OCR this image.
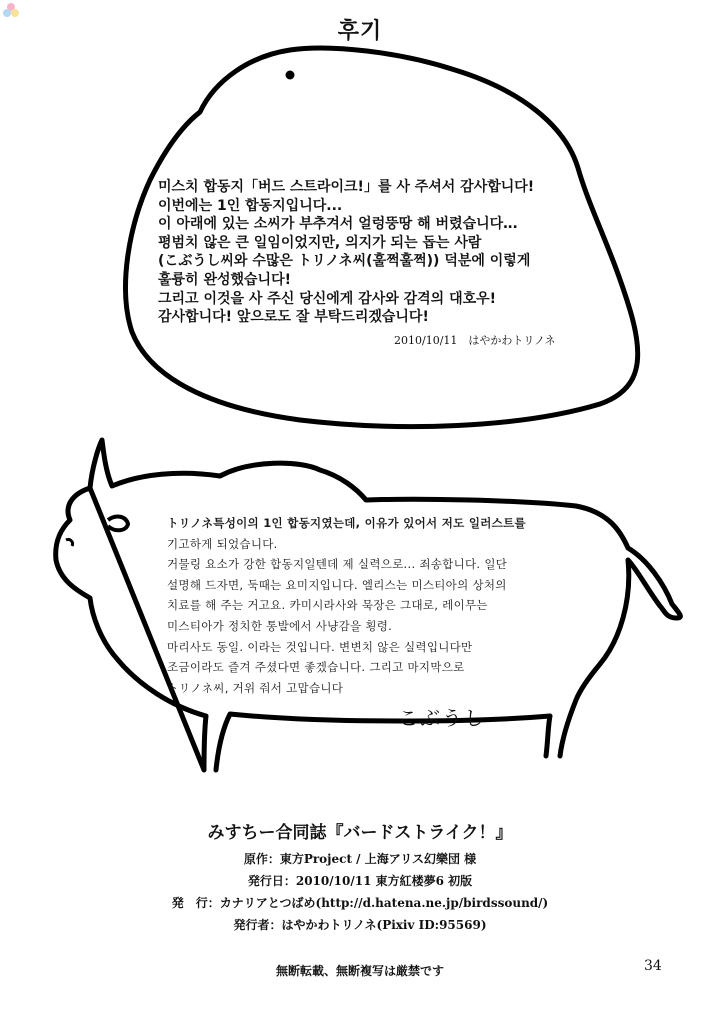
후기
미스치 합동지「버드 스트라이크!」를 사 주셔서 감사합니다!
이번에는 1인 합동지입니다...
이 아래에 있는 소씨가 부추겨서 얼렁뚱땅 해 버렸습니다‥.
평범치 않은 큰 일임이었지만, 의지가 되는 돕는 사람
(こぶうし씨와 수많은 トリノネ씨(훌쩍훌쩍)) 덕분에 이렇게
훌륭히 완성했습니다!
그리고 이것을 사 주신 당신에게 감사와 감격의 대호우!
감사합니다! 앞으로도 잘 부탁드리겠습니다!
2010/10/11　はやかわトリノネ
トリノネ특성이의 1인 합동지였는데, 이유가 있어서 저도 일러스트를
기고하게 되었습니다.
거물링 요소가 강한 합동지일텐데 제 실력으로... 죄송합니다. 일단
설명해 드자면, 둑때는 요미지입니다. 엘리스는 미스티아의 상처의
치료를 해 주는 거고요. 카미시라사와 묵장은 그대로, 레이무는
미스티아가 정치한 통발에서 사냥감을 횡령.
마리사도 동일. 이라는 것입니다. 변변치 않은 실력입니다만
조금이라도 즐겨 주셨다면 좋겠습니다. 그리고 마지막으로
トリノネ씨, 거위 줘서 고맙습니다
こぶうし
みすちー合同誌『バードストライク！』
原作：東方Project / 上海アリス幻樂団 様
発行日：2010/10/11 東方紅楼夢6 初版
発　行：カナリアとつばめ(http://d.hatena.ne.jp/birdssound/)
発行者：はやかわトリノネ(Pixiv ID:95569)
無断転載、無断複写は厳禁です	34
